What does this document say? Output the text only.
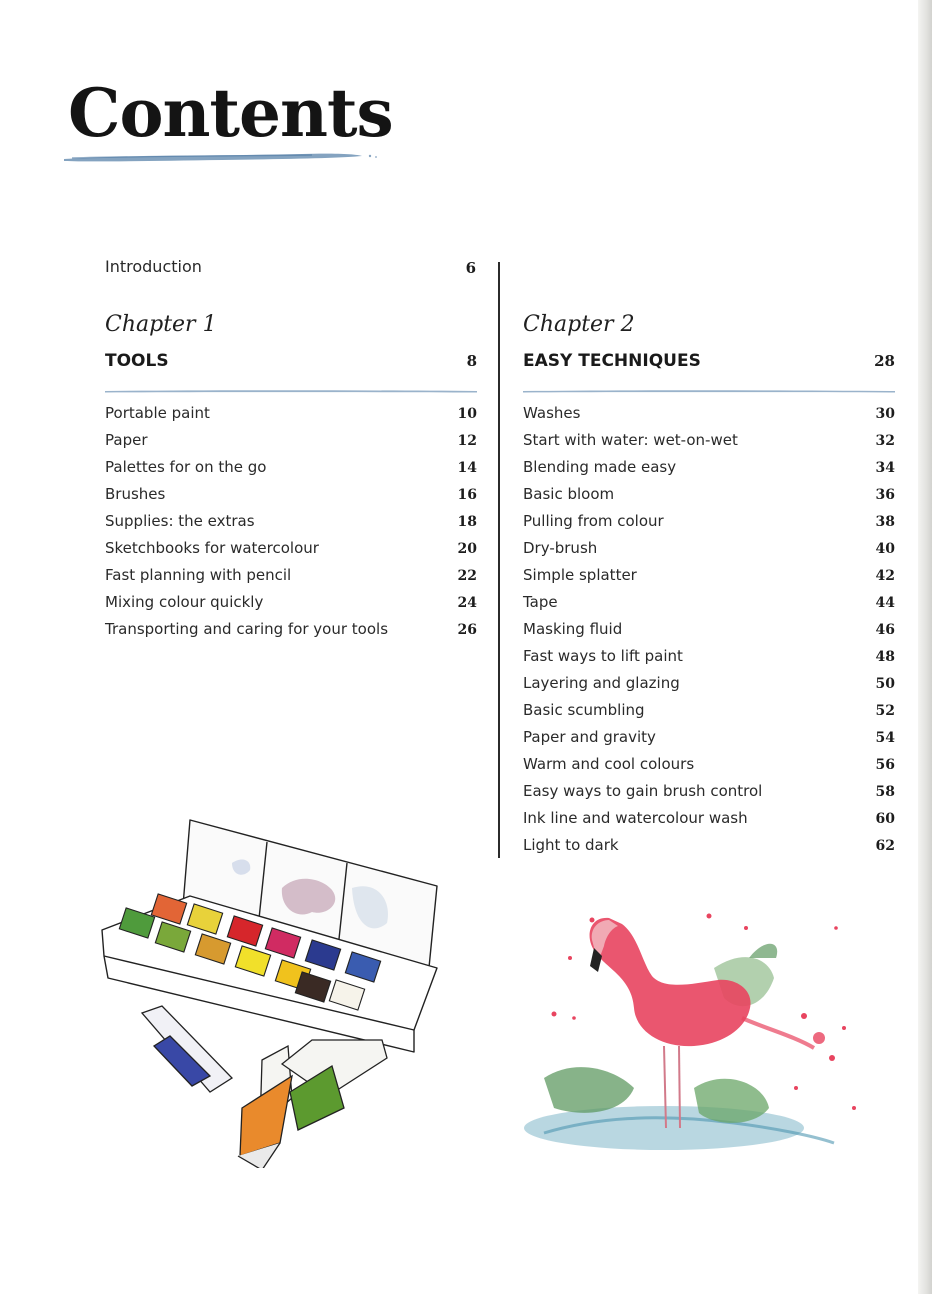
Contents
Introduction	6
Chapter 1
TOOLS	8
Portable paint	10
Paper	12
Palettes for on the go	14
Brushes	16
Supplies: the extras	18
Sketchbooks for watercolour	20
Fast planning with pencil	22
Mixing colour quickly	24
Transporting and caring for your tools	26
Chapter 2
EASY TECHNIQUES	28
Washes	30
Start with water: wet-on-wet	32
Blending made easy	34
Basic bloom	36
Pulling from colour	38
Dry-brush	40
Simple splatter	42
Tape	44
Masking fluid	46
Fast ways to lift paint	48
Layering and glazing	50
Basic scumbling	52
Paper and gravity	54
Warm and cool colours	56
Easy ways to gain brush control	58
Ink line and watercolour wash	60
Light to dark	62
